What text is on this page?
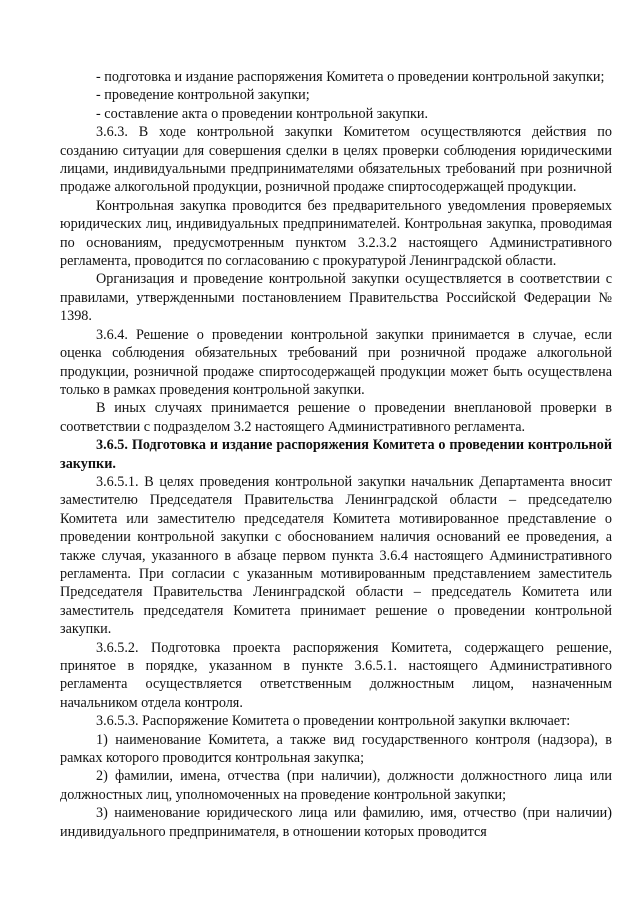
- подготовка и издание распоряжения Комитета о проведении контрольной закупки;

- проведение контрольной закупки;

- составление акта о проведении контрольной закупки.

3.6.3. В ходе контрольной закупки Комитетом осуществляются действия по созданию ситуации для совершения сделки в целях проверки соблюдения юридическими лицами, индивидуальными предпринимателями обязательных требований при розничной продаже алкогольной продукции, розничной продаже спиртосодержащей продукции.

Контрольная закупка проводится без предварительного уведомления проверяемых юридических лиц, индивидуальных предпринимателей. Контрольная закупка, проводимая по основаниям, предусмотренным пунктом 3.2.3.2 настоящего Административного регламента, проводится по согласованию с прокуратурой Ленинградской области.

Организация и проведение контрольной закупки осуществляется в соответствии с правилами, утвержденными постановлением Правительства Российской Федерации № 1398.

3.6.4. Решение о проведении контрольной закупки принимается в случае, если оценка соблюдения обязательных требований при розничной продаже алкогольной продукции, розничной продаже спиртосодержащей продукции может быть осуществлена только в рамках проведения контрольной закупки.

В иных случаях принимается решение о проведении внеплановой проверки в соответствии с подразделом 3.2 настоящего Административного регламента.

3.6.5. Подготовка и издание распоряжения Комитета о проведении контрольной закупки.

3.6.5.1. В целях проведения контрольной закупки начальник Департамента вносит заместителю Председателя Правительства Ленинградской области – председателю Комитета или заместителю председателя Комитета мотивированное представление о проведении контрольной закупки с обоснованием наличия оснований ее проведения, а также случая, указанного в абзаце первом пункта 3.6.4 настоящего Административного регламента. При согласии с указанным мотивированным представлением заместитель Председателя Правительства Ленинградской области – председатель Комитета или заместитель председателя Комитета принимает решение о проведении контрольной закупки.

3.6.5.2. Подготовка проекта распоряжения Комитета, содержащего решение, принятое в порядке, указанном в пункте 3.6.5.1. настоящего Административного регламента осуществляется ответственным должностным лицом, назначенным начальником отдела контроля.

3.6.5.3. Распоряжение Комитета о проведении контрольной закупки включает:

1) наименование Комитета, а также вид государственного контроля (надзора), в рамках которого проводится контрольная закупка;

2) фамилии, имена, отчества (при наличии), должности должностного лица или должностных лиц, уполномоченных на проведение контрольной закупки;

3) наименование юридического лица или фамилию, имя, отчество (при наличии) индивидуального предпринимателя, в отношении которых проводится
